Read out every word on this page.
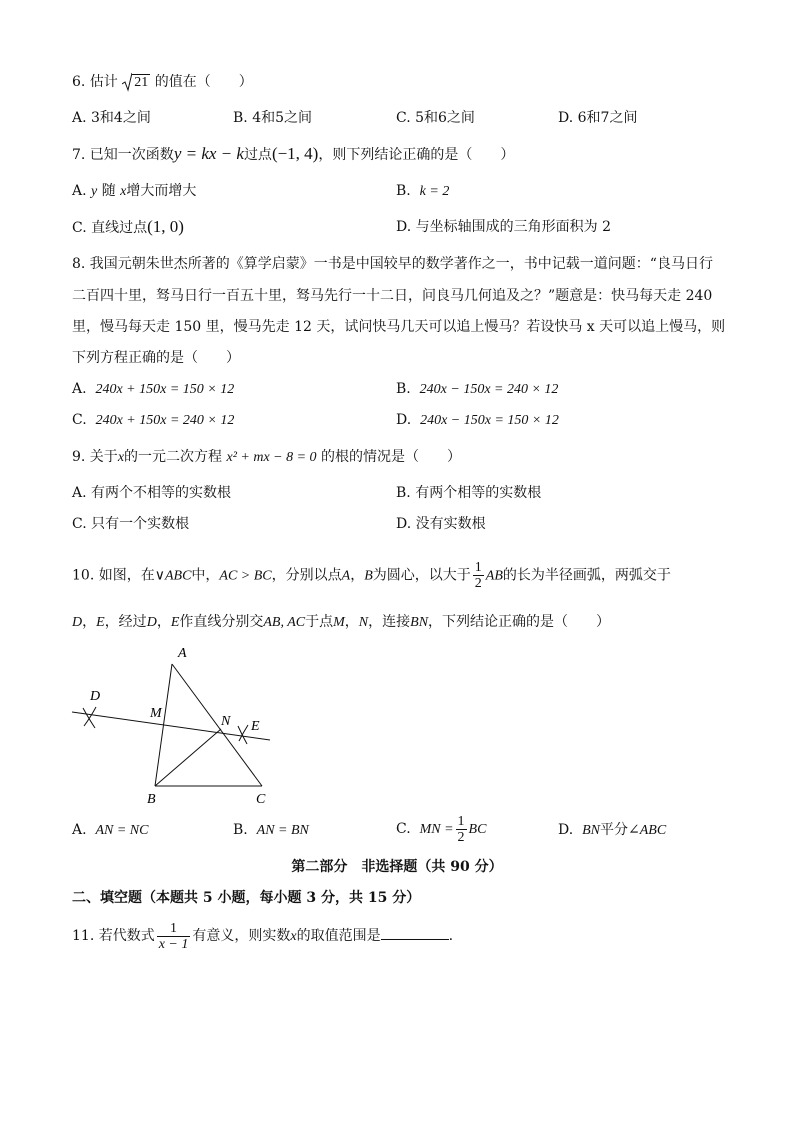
6. 估计 21 的值在（　　）
A. 3和4之间	B. 4和5之间	C. 5和6之间	D. 6和7之间
7. 已知一次函数y = kx − k过点(−1, 4)，则下列结论正确的是（　　）
A. y 随 x增大而增大	B. k = 2
C. 直线过点(1, 0)	D. 与坐标轴围成的三角形面积为 2
8. 我国元朝朱世杰所著的《算学启蒙》一书是中国较早的数学著作之一，书中记载一道问题：“良马日行
二百四十里，驽马日行一百五十里，驽马先行一十二日，问良马几何追及之？”题意是：快马每天走 240
里，慢马每天走 150 里，慢马先走 12 天，试问快马几天可以追上慢马？若设快马 x 天可以追上慢马，则
下列方程正确的是（　　）
A. 240x + 150x = 150 × 12	B. 240x − 150x = 240 × 12
C. 240x + 150x = 240 × 12	D. 240x − 150x = 150 × 12
9. 关于x的一元二次方程 x² + mx − 8 = 0 的根的情况是（　　）
A. 有两个不相等的实数根	B. 有两个相等的实数根
C. 只有一个实数根	D. 没有实数根
10. 如图，在∨ABC中，AC > BC，分别以点A，B为圆心，以大于 $\frac{1}{2}$ AB的长为半径画弧，两弧交于
D，E，经过D，E作直线分别交AB, AC于点M，N，连接BN，下列结论正确的是（　　）
A
D
M
N E
B	C
A. AN = NC	B. AN = BN	C. MN = $\frac{1}{2}$ BC	D. BN平分∠ABC
第二部分　非选择题（共 90 分）
二、填空题（本题共 5 小题，每小题 3 分，共 15 分）
11. 若代数式 $\frac{1}{x - 1}$ 有意义，则实数x的取值范围是	.
